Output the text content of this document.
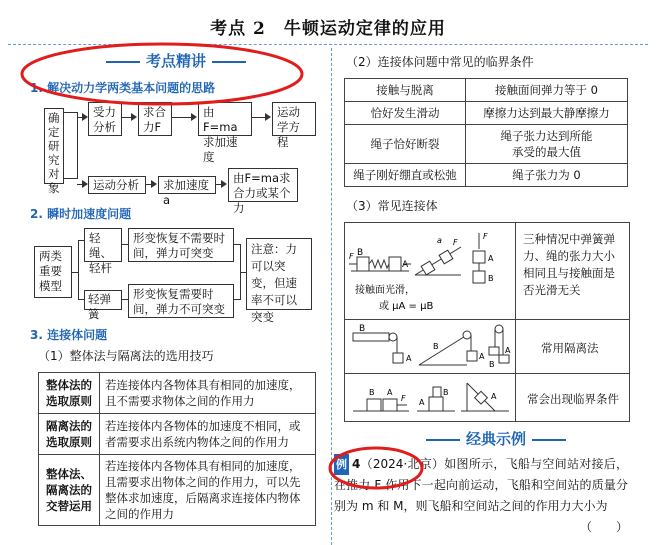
考点 2　牛顿运动定律的应用
考点精讲
1. 解决动力学两类基本问题的思路
确定研究对象
受力分析
求合力F
由F=ma求加速度
运动学方程
运动分析	求加速度a
由F=ma求合力或某个力
2. 瞬时加速度问题
两类重要模型
轻绳、轻杆
形变恢复不需要时间，弹力可突变
轻弹簧
形变恢复需要时间，弹力不可突变
注意：力可以突变，但速率不可以突变
3. 连接体问题
（1）整体法与隔离法的选用技巧
整体法的选取原则	若连接体内各物体具有相同的加速度，且不需要求物体之间的作用力
隔离法的选取原则	若连接体内各物体的加速度不相同，或者需要求出系统内物体之间的作用力
整体法、隔离法的交替运用	若连接体内各物体具有相同的加速度，且需要求出物体之间的作用力，可以先整体求加速度，后隔离求连接体内物体之间的作用力
（2）连接体问题中常见的临界条件
接触与脱离	接触面间弹力等于 0
恰好发生滑动	摩擦力达到最大静摩擦力
绳子恰好断裂	绳子张力达到所能承受的最大值
绳子刚好绷直或松弛	绳子张力为 0
（3）常见连接体
B
A
F
a F
F
A
B
接触面光滑，
或 μA = μB
三种情况中弹簧弹力、绳的张力大小相同且与接触面是否光滑无关
B
A
B
A
B
A	常用隔离法
B A
F
B
A
A	常会出现临界条件
经典示例
例 4（2024·北京）如图所示，飞船与空间站对接后，在推力 F 作用下一起向前运动，飞船和空间站的质量分别为 m 和 M，则飞船和空间站之间的作用力大小为
（　　）
